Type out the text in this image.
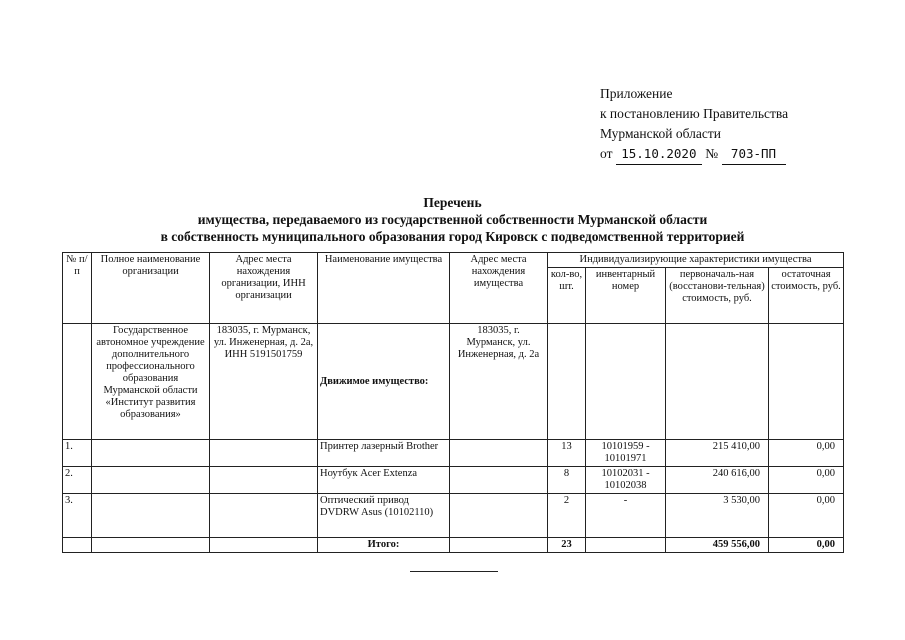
Приложение
к постановлению Правительства
Мурманской области
от 15.10.2020 № 703-ПП
Перечень
имущества, передаваемого из государственной собственности Мурманской области
в собственность муниципального образования город Кировск с подведомственной территорией
№ п/п	Полное наименование организации	Адрес места нахождения организации, ИНН организации	Наименование имущества	Адрес места нахождения имущества	Индивидуализирующие характеристики имущества			
					кол-во, шт.	инвентарный номер	первоначаль-ная (восстанови-тельная) стоимость, руб.	остаточная стоимость, руб.
	Государственное автономное учреждение дополнительного профессионального образования Мурманской области «Институт развития образования»	183035, г. Мурманск, ул. Инженерная, д. 2а, ИНН 5191501759	Движимое имущество:	183035, г. Мурманск, ул. Инженерная, д. 2а				
1.			Принтер лазерный Brother		13	10101959 - 10101971	215 410,00	0,00
2.			Ноутбук Acer Extenza		8	10102031 - 10102038	240 616,00	0,00
3.			Оптический привод DVDRW Asus (10102110)		2	-	3 530,00	0,00
			Итого:		23		459 556,00	0,00
